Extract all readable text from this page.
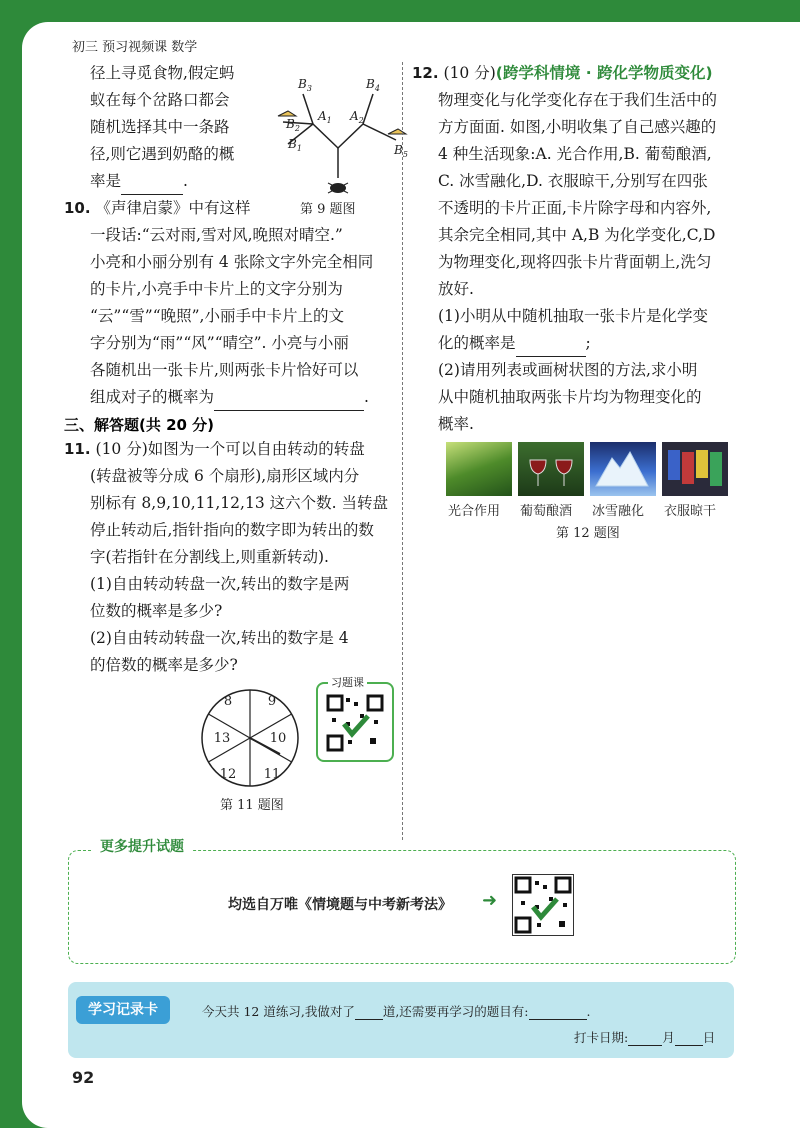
初三 预习视频课 数学
径上寻觅食物,假定蚂
蚁在每个岔路口都会
随机选择其中一条路
径,则它遇到奶酪的概
率是	.
$B_3$	$B_4$
$B_2$
$B_1$	$B_5$
$A_1$ $A_2$
第 9 题图
10. 《声律启蒙》中有这样
一段话:“云对雨,雪对风,晚照对晴空.”
小亮和小丽分别有 4 张除文字外完全相同
的卡片,小亮手中卡片上的文字分别为
“云”“雪”“晚照”,小丽手中卡片上的文
字分别为“雨”“风”“晴空”. 小亮与小丽
各随机出一张卡片,则两张卡片恰好可以
组成对子的概率为	.
三、解答题(共 20 分)
11. (10 分)如图为一个可以自由转动的转盘
(转盘被等分成 6 个扇形),扇形区域内分
别标有 8,9,10,11,12,13 这六个数. 当转盘
停止转动后,指针指向的数字即为转出的数
字(若指针在分割线上,则重新转动).
(1)自由转动转盘一次,转出的数字是两
位数的概率是多少?
(2)自由转动转盘一次,转出的数字是 4
的倍数的概率是多少?
9
10
11
12
13
8
第 11 题图
习题课
12. (10 分)(跨学科情境 · 跨化学物质变化)
物理变化与化学变化存在于我们生活中的
方方面面. 如图,小明收集了自己感兴趣的
4 种生活现象:A. 光合作用,B. 葡萄酿酒,
C. 冰雪融化,D. 衣服晾干,分别写在四张
不透明的卡片正面,卡片除字母和内容外,
其余完全相同,其中 A,B 为化学变化,C,D
为物理变化,现将四张卡片背面朝上,洗匀
放好.
(1)小明从中随机抽取一张卡片是化学变
化的概率是	;
(2)请用列表或画树状图的方法,求小明
从中随机抽取两张卡片均为物理变化的
概率.
光合作用 葡萄酿酒 冰雪融化 衣服晾干
第 12 题图
更多提升试题
均选自万唯《情境题与中考新考法》 ➜
学习记录卡	今天共 12 道练习,我做对了 道,还需要再学习的题目有:	.
打卡日期:	月 日
92
